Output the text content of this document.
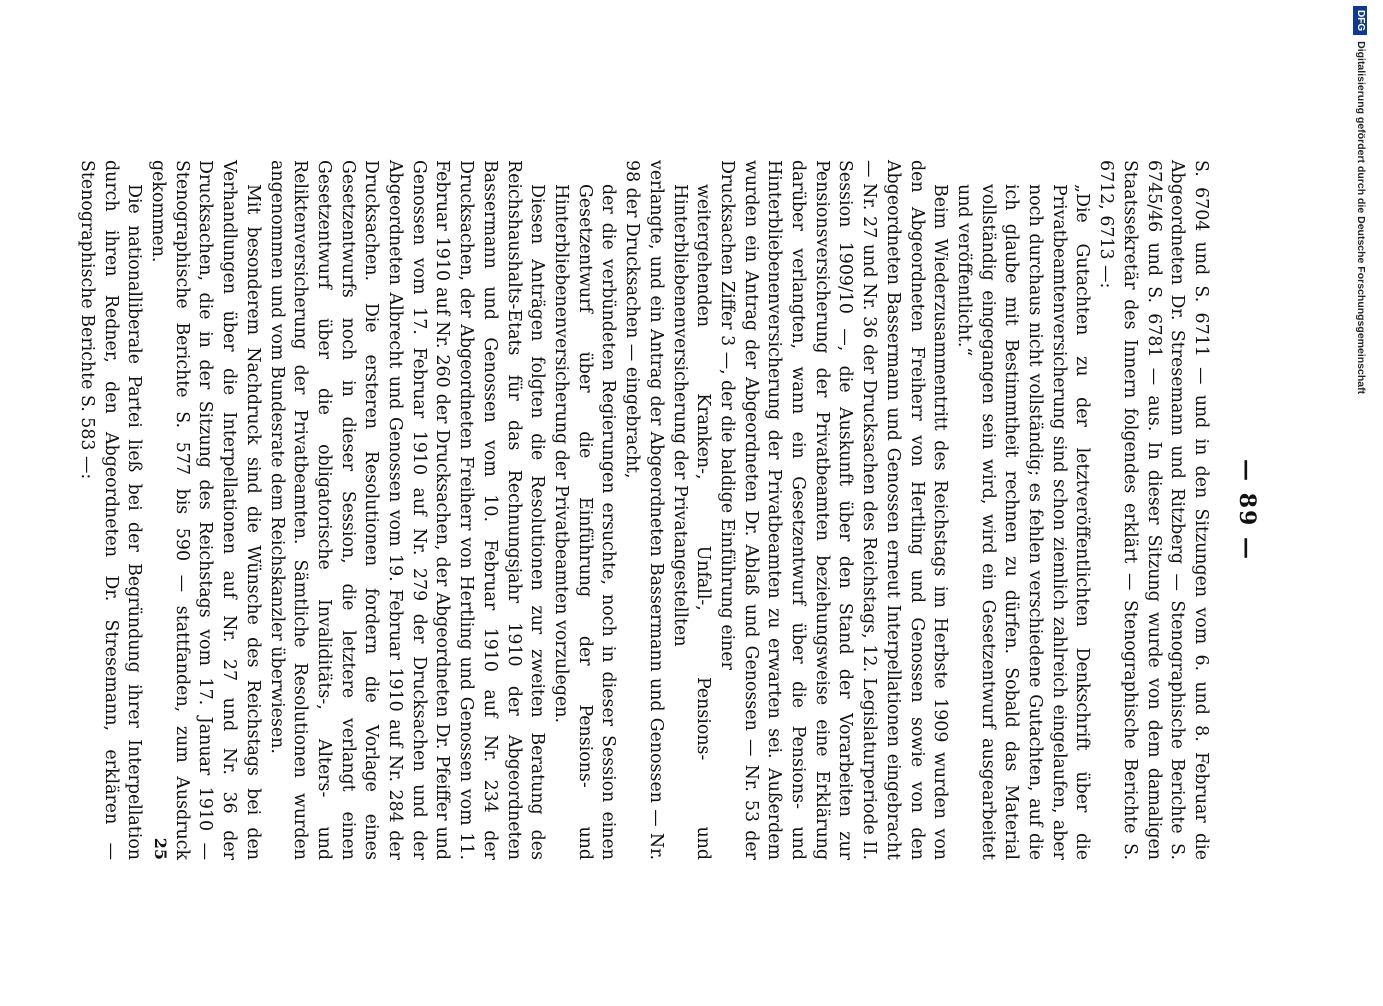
— 89 —

S. 6704 und S. 6711 — und in den Sitzungen vom 6. und 8. Februar die Abgeordneten Dr. Stresemann und Ritzberg — Stenographische Berichte S. 6745/46 und S. 6781 — aus. In dieser Sitzung wurde von dem damaligen Staatssekretär des Innern folgendes erklärt — Stenographische Berichte S. 6712, 6713 —:

„Die Gutachten zu der letztveröffentlichten Denkschrift über die Privatbeamtenversicherung sind schon ziemlich zahlreich eingelaufen, aber noch durchaus nicht vollständig; es fehlen verschiedene Gutachten, auf die ich glaube mit Bestimmtheit rechnen zu dürfen. Sobald das Material vollständig eingegangen sein wird, wird ein Gesetzentwurf ausgearbeitet und veröffentlicht.“

Beim Wiederzusammentritt des Reichstags im Herbste 1909 wurden von den Abgeordneten Freiherr von Hertling und Genossen sowie von den Abgeordneten Bassermann und Genossen erneut Interpellationen eingebracht — Nr. 27 und Nr. 36 der Drucksachen des Reichstags, 12. Legislaturperiode II. Session 1909/10 —, die Auskunft über den Stand der Vorarbeiten zur Pensionsversicherung der Privatbeamten beziehungsweise eine Erklärung darüber verlangten, wann ein Gesetzentwurf über die Pensions- und Hinterbliebenenversicherung der Privatbeamten zu erwarten sei. Außerdem wurden ein Antrag der Abgeordneten Dr. Ablaß und Genossen — Nr. 53 der Drucksachen Ziffer 3 —, der die baldige Einführung einer

weitergehenden Kranken-, Unfall-, Pensions- und Hinterbliebenenversicherung der Privatangestellten

verlangte, und ein Antrag der Abgeordneten Bassermann und Genossen — Nr. 98 der Drucksachen — eingebracht,

der die verbündeten Regierungen ersuchte, noch in dieser Session einen Gesetzentwurf über die Einführung der Pensions- und Hinterbliebenenversicherung der Privatbeamten vorzulegen.

Diesen Anträgen folgten die Resolutionen zur zweiten Beratung des Reichshaushalts-Etats für das Rechnungsjahr 1910 der Abgeordneten Bassermann und Genossen vom 10. Februar 1910 auf Nr. 234 der Drucksachen, der Abgeordneten Freiherr von Hertling und Genossen vom 11. Februar 1910 auf Nr. 260 der Drucksachen, der Abgeordneten Dr. Pfeiffer und Genossen vom 17. Februar 1910 auf Nr. 279 der Drucksachen und der Abgeordneten Albrecht und Genossen vom 19. Februar 1910 auf Nr. 284 der Drucksachen. Die ersteren Resolutionen fordern die Vorlage eines Gesetzentwurfs noch in dieser Session, die letztere verlangt einen Gesetzentwurf über die obligatorische Invaliditäts-, Alters- und Reliktenversicherung der Privatbeamten. Sämtliche Resolutionen wurden angenommen und vom Bundesrate dem Reichskanzler überwiesen.

Mit besonderem Nachdruck sind die Wünsche des Reichstags bei den Verhandlungen über die Interpellationen auf Nr. 27 und Nr. 36 der Drucksachen, die in der Sitzung des Reichstags vom 17. Januar 1910 — Stenographische Berichte S. 577 bis 590 — stattfanden, zum Ausdruck gekommen.

Die nationalliberale Partei ließ bei der Begründung ihrer Interpellation durch ihren Redner, den Abgeordneten Dr. Stresemann, erklären — Stenographische Berichte S. 583 —:

25
DFGDigitalisierung gefördert durch die Deutsche Forschungsgemeinschaft
